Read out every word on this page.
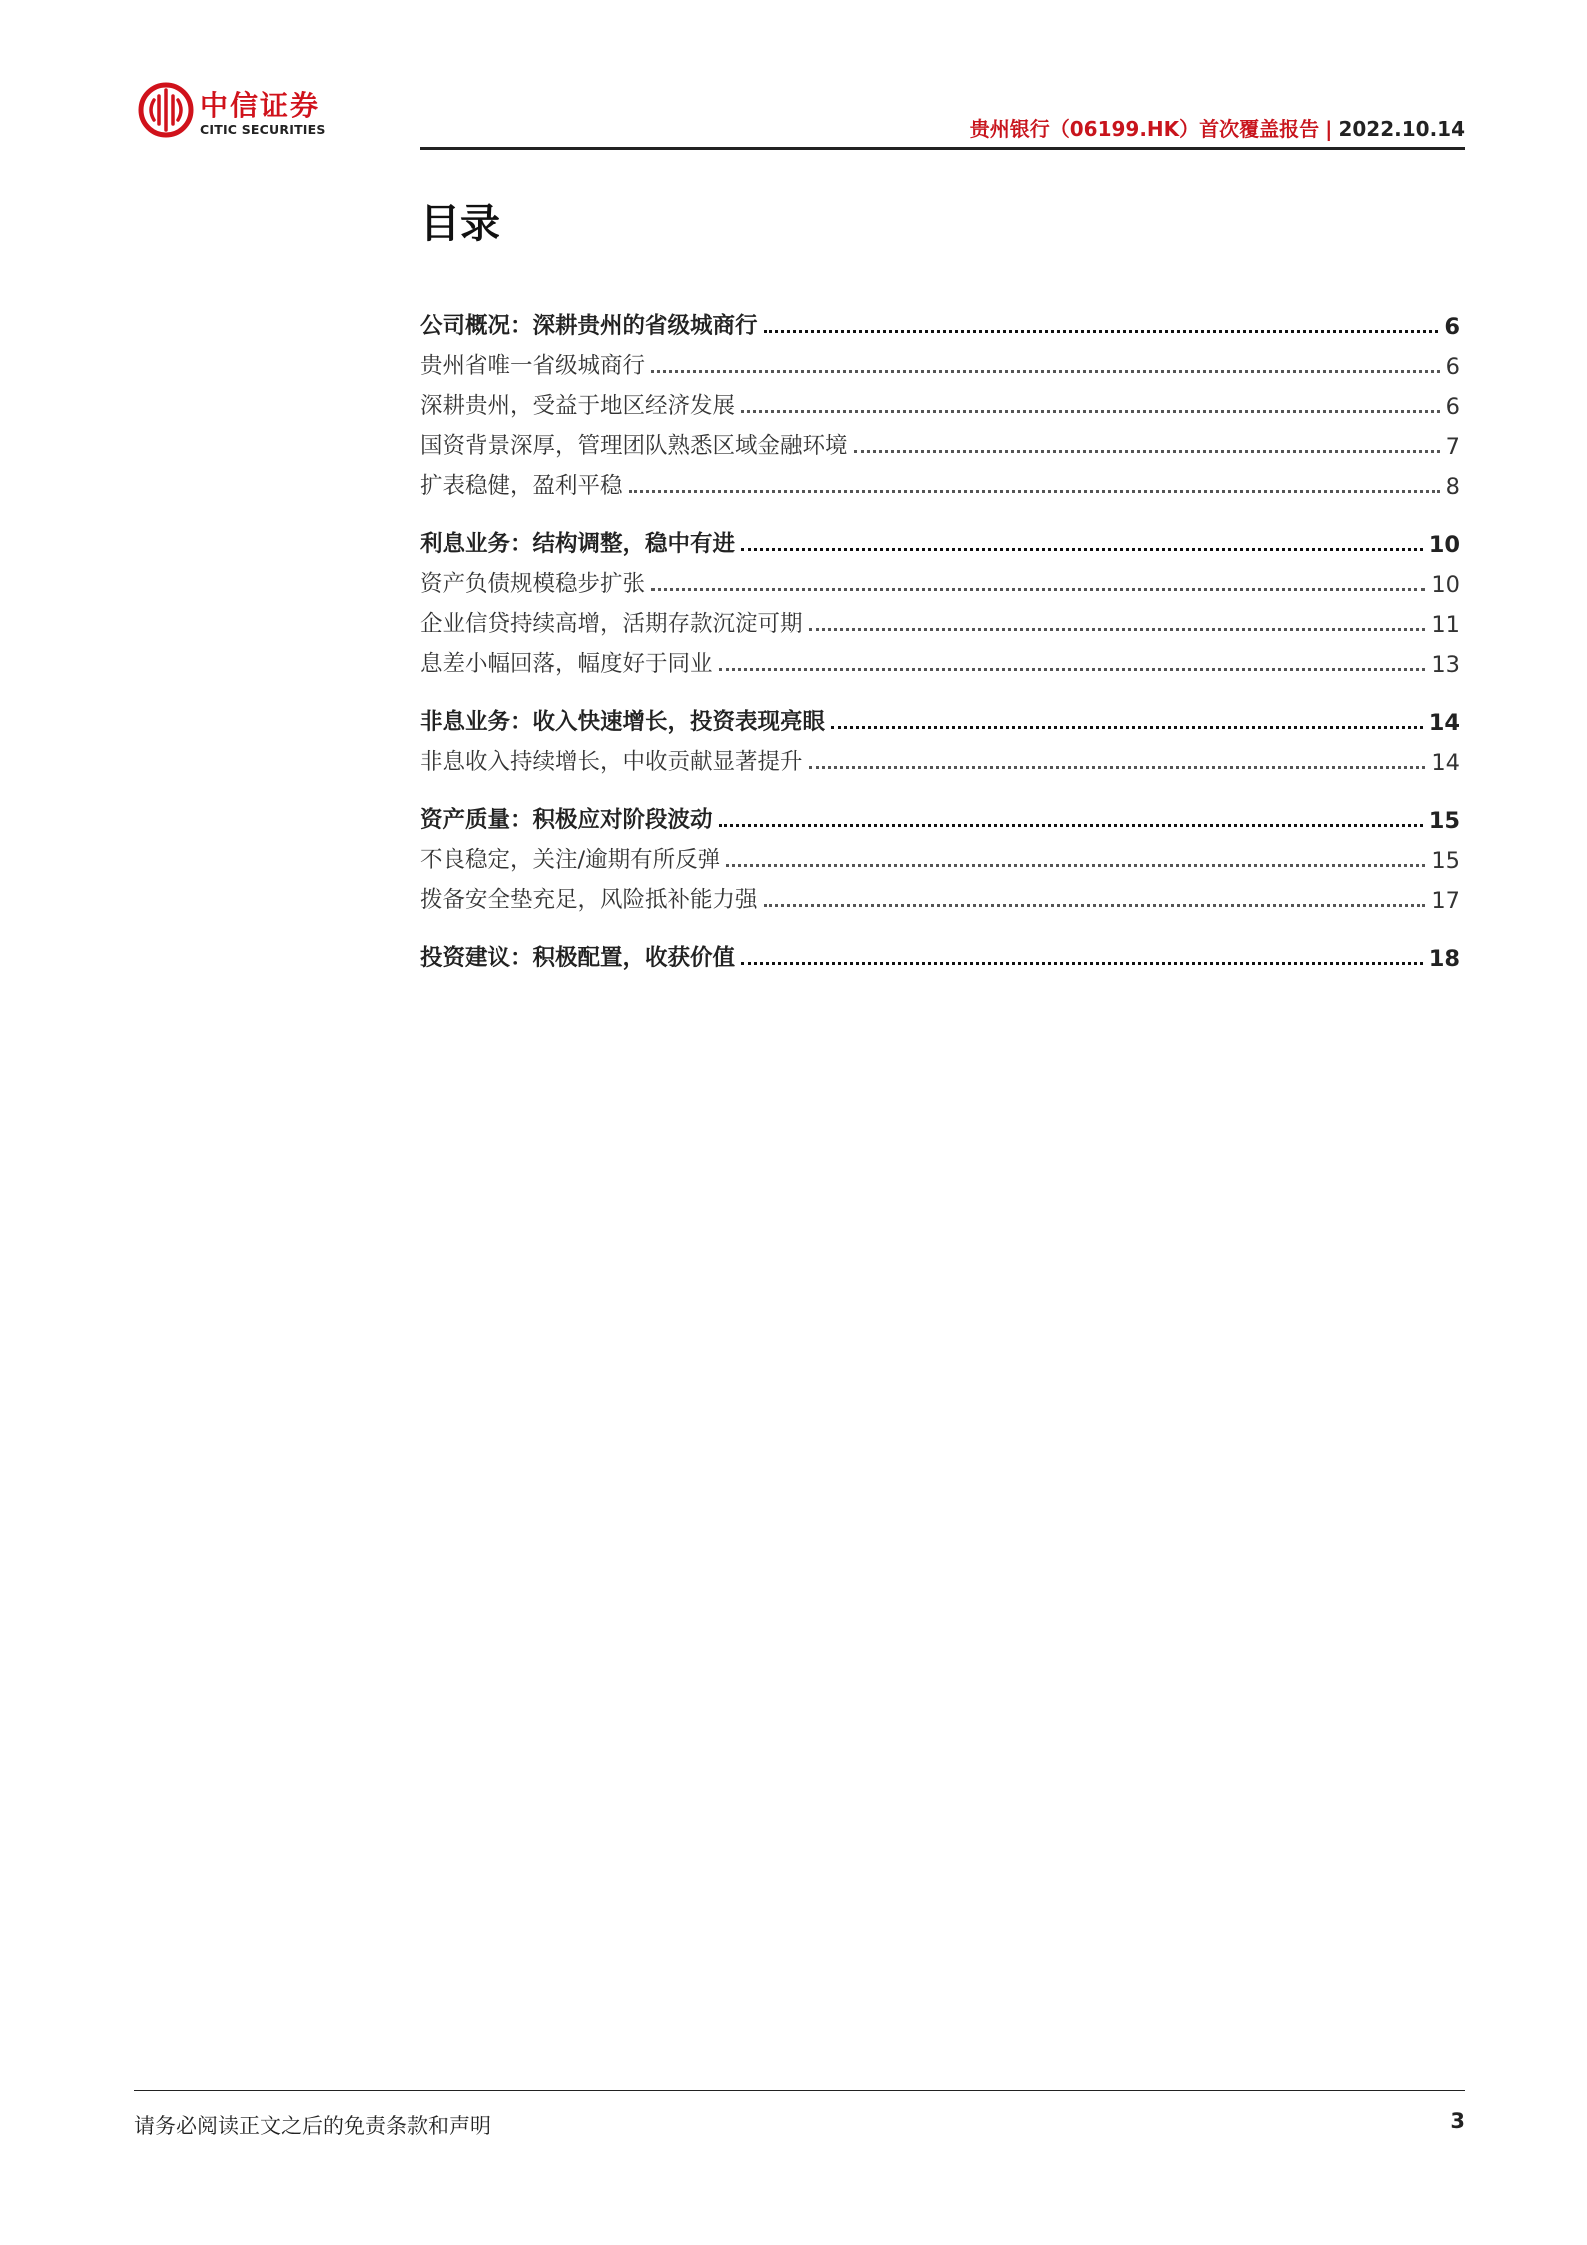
中信证券
CITIC SECURITIES	贵州银行（06199.HK）首次覆盖报告 | 2022.10.14
目录
公司概况：深耕贵州的省级城商行	6
贵州省唯一省级城商行	6
深耕贵州，受益于地区经济发展	6
国资背景深厚，管理团队熟悉区域金融环境	7
扩表稳健，盈利平稳	8
利息业务：结构调整，稳中有进	10
资产负债规模稳步扩张	10
企业信贷持续高增，活期存款沉淀可期	11
息差小幅回落，幅度好于同业	13
非息业务：收入快速增长，投资表现亮眼	14
非息收入持续增长，中收贡献显著提升	14
资产质量：积极应对阶段波动	15
不良稳定，关注/逾期有所反弹	15
拨备安全垫充足，风险抵补能力强	17
投资建议：积极配置，收获价值	18
请务必阅读正文之后的免责条款和声明	3
